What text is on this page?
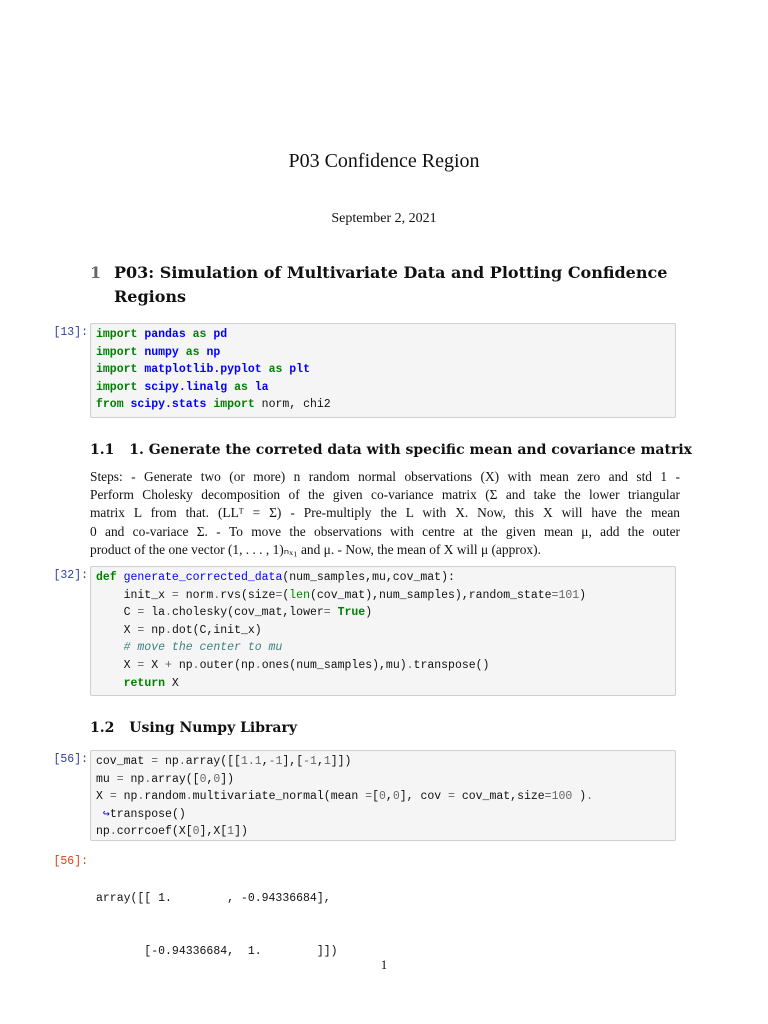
P03 Confidence Region
September 2, 2021
1 P03: Simulation of Multivariate Data and Plotting Confidence
Regions
[13]: import pandas as pd
import numpy as np
import matplotlib.pyplot as plt
import scipy.linalg as la
from scipy.stats import norm, chi2
1.1 1. Generate the correted data with specific mean and covariance matrix
Steps: - Generate two (or more) n random normal observations (X) with mean zero and std 1 -
Perform Cholesky decomposition of the given co-variance matrix (Σ and take the lower triangular
matrix L from that. (LLᵀ = Σ) - Pre-multiply the L with X. Now, this X will have the mean
0 and co-variace Σ. - To move the observations with centre at the given mean μ, add the outer
product of the one vector (1, . . . , 1)ₙₓ₁ and μ. - Now, the mean of X will μ (approx).
[32]: def generate_corrected_data(num_samples,mu,cov_mat):
init_x = norm.rvs(size=(len(cov_mat),num_samples),random_state=101)
C = la.cholesky(cov_mat,lower= True)
X = np.dot(C,init_x)
# move the center to mu
X = X + np.outer(np.ones(num_samples),mu).transpose()
return X
1.2 Using Numpy Library
[56]: cov_mat = np.array([[1.1,-1],[-1,1]])
mu = np.array([0,0])
X = np.random.multivariate_normal(mean =[0,0], cov = cov_mat,size=100 ).
↪transpose()
np.corrcoef(X[0],X[1])
[56]:

array([[ 1.        , -0.94336684],

[-0.94336684,  1.        ]])

1
